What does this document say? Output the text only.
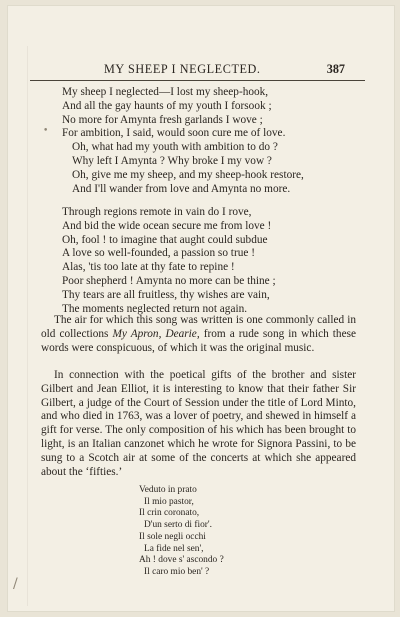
MY SHEEP I NEGLECTED.	387
•
My sheep I neglected—I lost my sheep-hook,
And all the gay haunts of my youth I forsook ;
No more for Amynta fresh garlands I wove ;
For ambition, I said, would soon cure me of love.
Oh, what had my youth with ambition to do ?
Why left I Amynta ? Why broke I my vow ?
Oh, give me my sheep, and my sheep-hook restore,
And I'll wander from love and Amynta no more.
Through regions remote in vain do I rove,
And bid the wide ocean secure me from love !
Oh, fool ! to imagine that aught could subdue
A love so well-founded, a passion so true !
Alas, 'tis too late at thy fate to repine !
Poor shepherd ! Amynta no more can be thine ;
Thy tears are all fruitless, thy wishes are vain,
The moments neglected return not again.

The air for which this song was written is one commonly called in old collections My Apron, Dearie, from a rude song in which these words were conspicuous, of which it was the original music.

In connection with the poetical gifts of the brother and sister Gilbert and Jean Elliot, it is interesting to know that their father Sir Gilbert, a judge of the Court of Session under the title of Lord Minto, and who died in 1763, was a lover of poetry, and shewed in himself a gift for verse. The only composition of his which has been brought to light, is an Italian canzonet which he wrote for Signora Passini, to be sung to a Scotch air at some of the concerts at which she appeared about the ‘fifties.’

Veduto in prato
Il mio pastor,
Il crin coronato,
D'un serto di fior'.
Il sole negli occhi
La fide nel sen',
Ah ! dove s' ascondo ?
Il caro mio ben' ?
/
